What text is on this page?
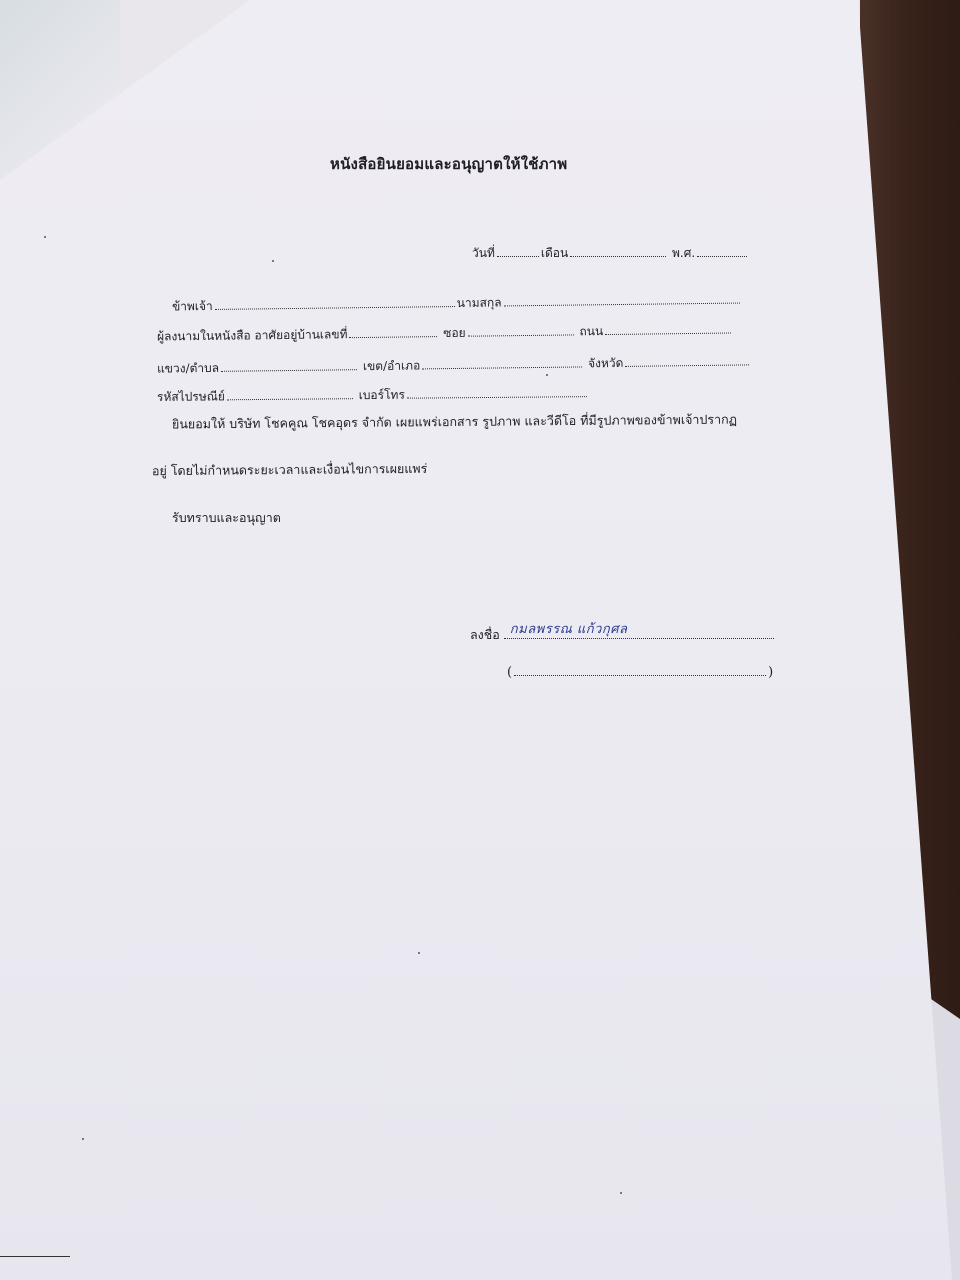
หนังสือยินยอมและอนุญาตให้ใช้ภาพ
วันที่	เดือน	พ.ศ.
ข้าพเจ้า	นามสกุล
ผู้ลงนามในหนังสือ อาศัยอยู่บ้านเลขที่	ซอย	ถนน
แขวง/ตำบล	เขต/อำเภอ	จังหวัด
รหัสไปรษณีย์	เบอร์โทร
ยินยอมให้ บริษัท โชคคูณ โชคอุดร จำกัด เผยแพร่เอกสาร รูปภาพ และวีดีโอ ที่มีรูปภาพของข้าพเจ้าปรากฏ
อยู่ โดยไม่กำหนดระยะเวลาและเงื่อนไขการเผยแพร่
รับทราบและอนุญาต
ลงชื่อ กมลพรรณ แก้วกุศล
(	)
